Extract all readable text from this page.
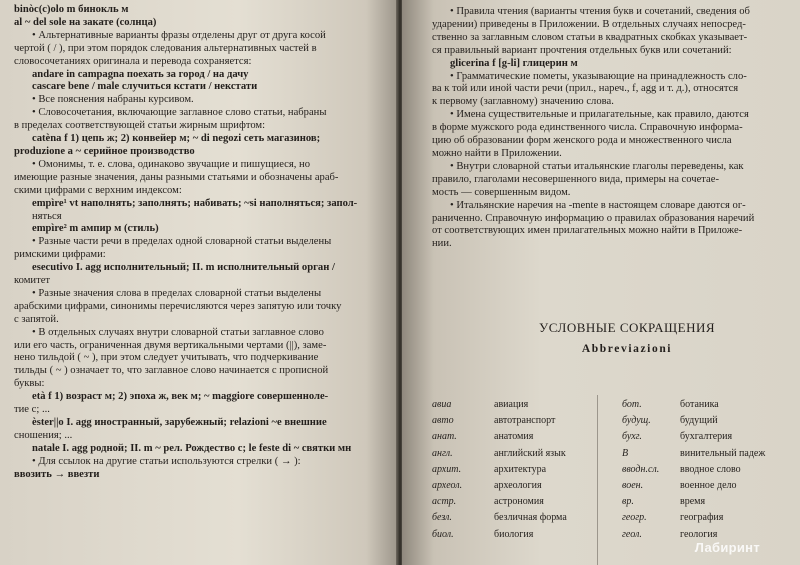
binòc(c)olo m бинокль м
al ~ del sole на закате (солнца)
• Альтернативные варианты фразы отделены друг от друга косой
чертой ( / ), при этом порядок следования альтернативных частей в
словосочетаниях оригинала и перевода сохраняется:
andare in campagna поехать за город / на дачу
cascare bene / male случиться кстати / некстати
• Все пояснения набраны курсивом.
• Словосочетания, включающие заглавное слово статьи, набраны
в пределах соответствующей статьи жирным шрифтом:
catèna f 1) цепь ж; 2) конвейер м; ~ di negozi сеть магазинов;
produzione a ~ серийное производство
• Омонимы, т. е. слова, одинаково звучащие и пишущиеся, но
имеющие разные значения, даны разными статьями и обозначены араб-
скими цифрами с верхним индексом:
empìre¹ vt наполнять; заполнять; набивать; ~si наполняться; запол-
няться
empìre² m ампир м (стиль)
• Разные части речи в пределах одной словарной статьи выделены
римскими цифрами:
esecutivo I. agg исполнительный; II. m исполнительный орган /
комитет
• Разные значения слова в пределах словарной статьи выделены
арабскими цифрами, синонимы перечисляются через запятую или точку
с запятой.
• В отдельных случаях внутри словарной статьи заглавное слово
или его часть, ограниченная двумя вертикальными чертами (||), заме-
нено тильдой ( ~ ), при этом следует учитывать, что подчеркивание
тильды ( ~ ) означает то, что заглавное слово начинается с прописной
буквы:
età f 1) возраст м; 2) эпоха ж, век м; ~ maggiore совершеннолe-
тие с; ...
èster||o I. agg иностранный, зарубежный; relazioni ~e внешние
сношения; ...
natale I. agg родной; II. m ~ рел. Рождество с; le feste di ~ святки мн
• Для ссылок на другие статьи используются стрелки ( → ):
ввозить → ввезти
• Правила чтения (варианты чтения букв и сочетаний, сведения об
ударении) приведены в Приложении. В отдельных случаях непосред-
ственно за заглавным словом статьи в квадратных скобках указывает-
ся правильный вариант прочтения отдельных букв или сочетаний:
glicerina f [g-li] глицерин м
• Грамматические пометы, указывающие на принадлежность сло-
ва к той или иной части речи (прил., нареч., f, agg и т. д.), относятся
к первому (заглавному) значению слова.
• Имена существительные и прилагательные, как правило, даются
в форме мужского рода единственного числа. Справочную информа-
цию об образовании форм женского рода и множественного числа
можно найти в Приложении.
• Внутри словарной статьи итальянские глаголы переведены, как
правило, глаголами несовершенного вида, примеры на сочетае-
мость — совершенным видом.
• Итальянские наречия на -mente в настоящем словаре даются ог-
раниченно. Справочную информацию о правилах образования наречий
от соответствующих имен прилагательных можно найти в Приложе-
нии.
УСЛОВНЫЕ СОКРАЩЕНИЯ
Abbreviazioni
авиа	авиация
авто	автотранспорт
анат.	анатомия
англ.	английский язык
архит.	архитектура
археол.	археология
астр.	астрономия
безл.	безличная форма
биол.	биология
бот.	ботаника
будущ.	будущий
бухг.	бухгалтерия
В	винительный падеж
вводн.сл.	вводное слово
воен.	военное дело
вр.	время
геогр.	география
геол.	геология
Лабиринт
